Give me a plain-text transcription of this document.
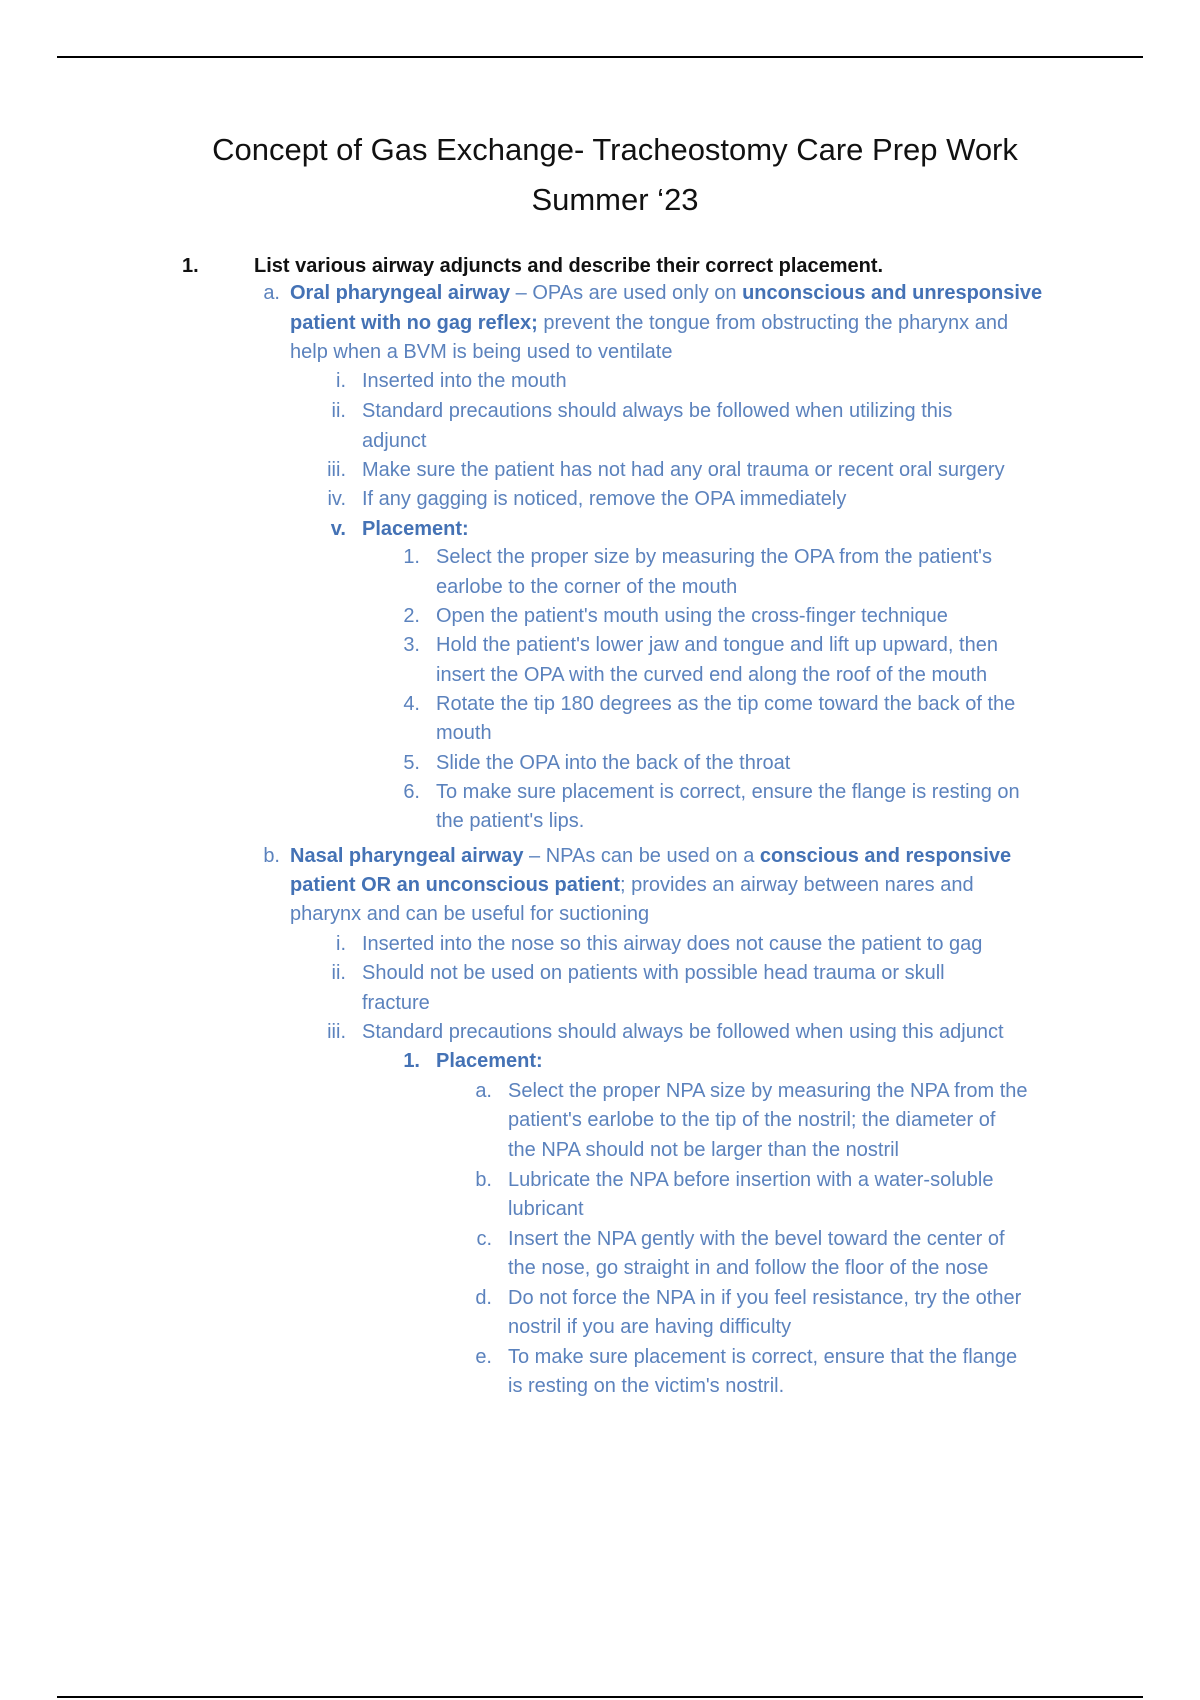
Concept of Gas Exchange- Tracheostomy Care Prep Work
Summer ‘23
1.	List various airway adjuncts and describe their correct placement.
a. Oral pharyngeal airway – OPAs are used only on unconscious and unresponsive
patient with no gag reflex; prevent the tongue from obstructing the pharynx and
help when a BVM is being used to ventilate
i. Inserted into the mouth
ii. Standard precautions should always be followed when utilizing this
adjunct
iii. Make sure the patient has not had any oral trauma or recent oral surgery
iv. If any gagging is noticed, remove the OPA immediately
v. Placement:
1. Select the proper size by measuring the OPA from the patient's
earlobe to the corner of the mouth
2. Open the patient's mouth using the cross-finger technique
3. Hold the patient's lower jaw and tongue and lift up upward, then
insert the OPA with the curved end along the roof of the mouth
4. Rotate the tip 180 degrees as the tip come toward the back of the
mouth
5. Slide the OPA into the back of the throat
6. To make sure placement is correct, ensure the flange is resting on
the patient's lips.
b. Nasal pharyngeal airway – NPAs can be used on a conscious and responsive
patient OR an unconscious patient; provides an airway between nares and
pharynx and can be useful for suctioning
i. Inserted into the nose so this airway does not cause the patient to gag
ii. Should not be used on patients with possible head trauma or skull
fracture
iii. Standard precautions should always be followed when using this adjunct
1. Placement:
a. Select the proper NPA size by measuring the NPA from the
patient's earlobe to the tip of the nostril; the diameter of
the NPA should not be larger than the nostril
b. Lubricate the NPA before insertion with a water-soluble
lubricant
c. Insert the NPA gently with the bevel toward the center of
the nose, go straight in and follow the floor of the nose
d. Do not force the NPA in if you feel resistance, try the other
nostril if you are having difficulty
e. To make sure placement is correct, ensure that the flange
is resting on the victim's nostril.
